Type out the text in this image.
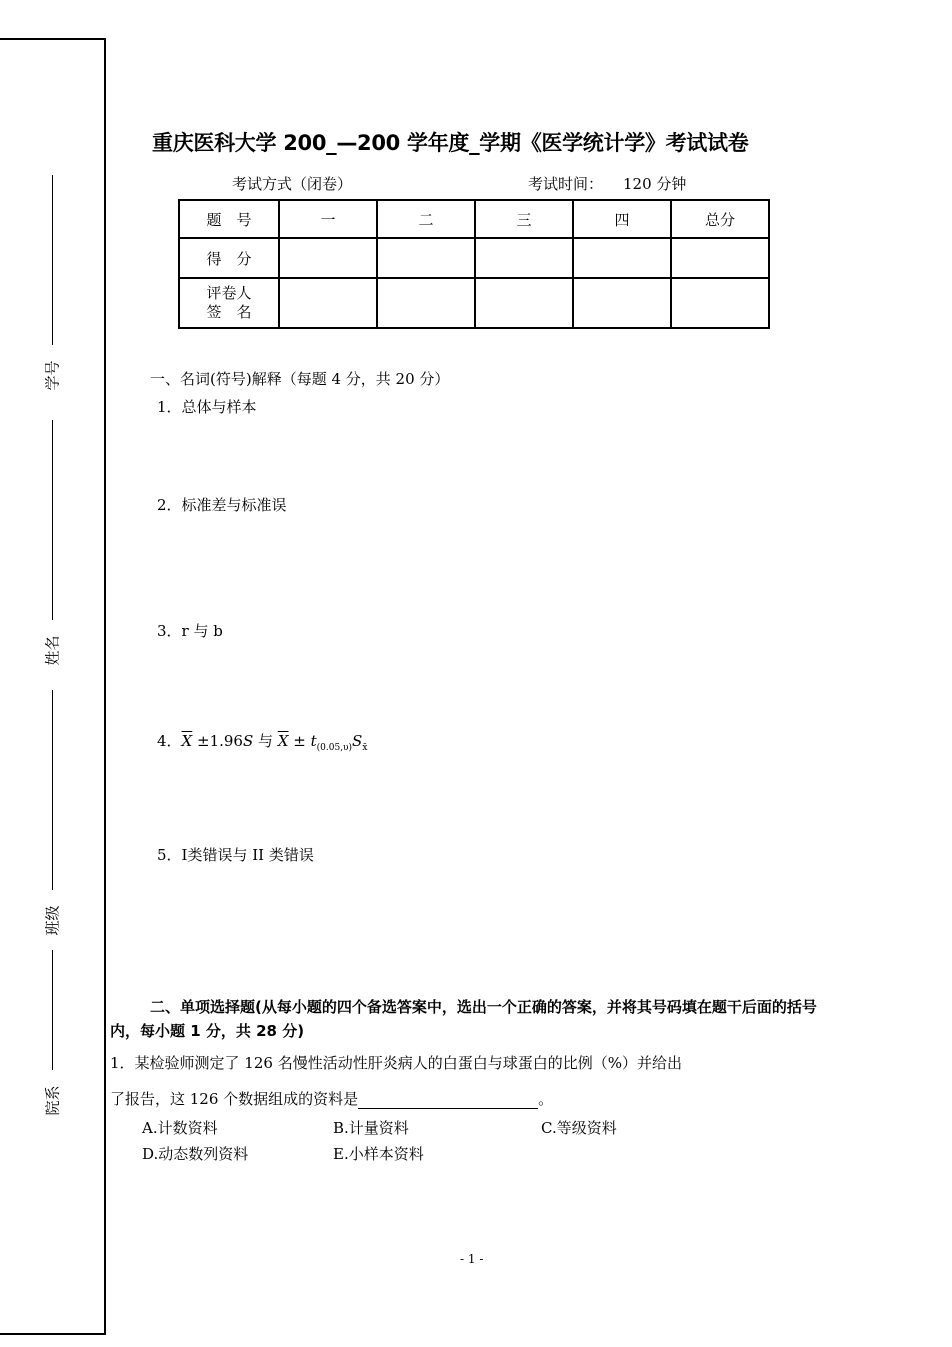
学号
姓名
班级
院系
重庆医科大学 200_—200 学年度_学期《医学统计学》考试试卷
考试方式（闭卷）	考试时间： 120 分钟
题　号	一	二	三	四	总分
得　分					

评卷人
签　名					

一、名词(符号)解释（每题 4 分，共 20 分）
1．总体与样本
2．标准差与标准误
3．r 与 b
4．$\overline{X} \pm 1.96S$ 与 $\overline{X} \pm t_{(0.05,\upsilon)}S_{x̄}$
5．Ⅰ类错误与 II 类错误
二、单项选择题(从每小题的四个备选答案中，选出一个正确的答案，并将其号码填在题干后面的括号内，每小题 1 分，共 28 分)
1．某检验师测定了 126 名慢性活动性肝炎病人的白蛋白与球蛋白的比例（%）并给出
了报告，这 126 个数据组成的资料是	。
A.计数资料	B.计量资料	C.等级资料
D.动态数列资料	E.小样本资料
- 1 -
